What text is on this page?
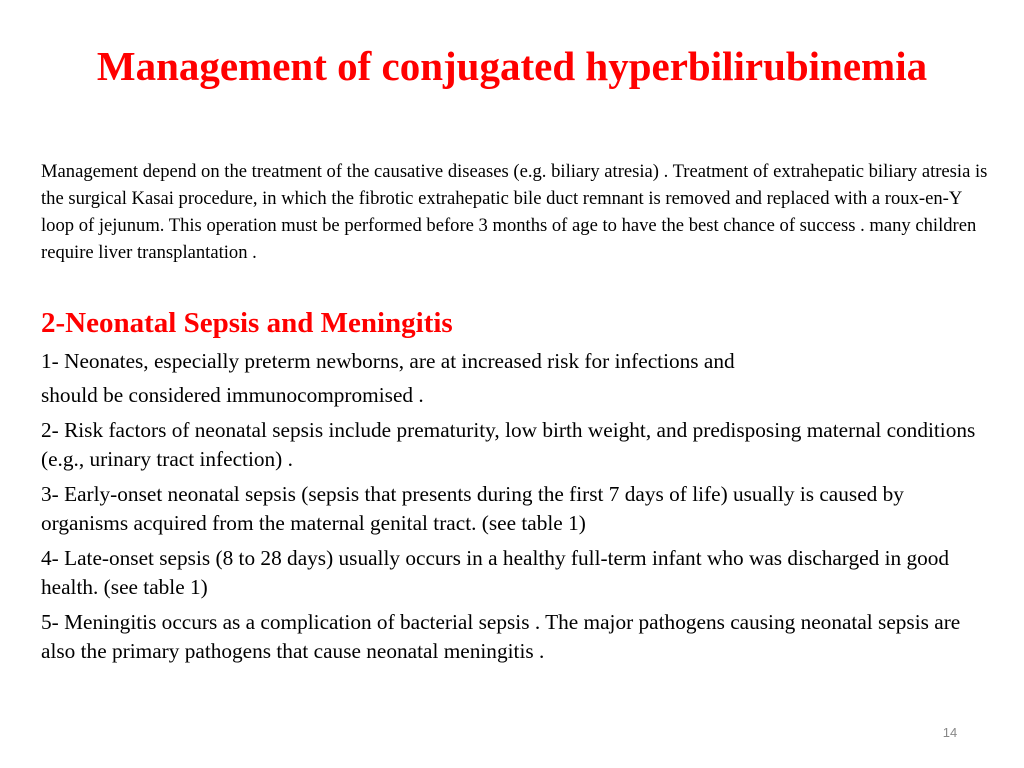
Management of conjugated hyperbilirubinemia

Management depend on the treatment of the causative diseases (e.g. biliary atresia) . Treatment of extrahepatic biliary atresia is the surgical Kasai procedure, in which the fibrotic extrahepatic bile duct remnant is removed and replaced with a roux-en-Y loop of jejunum. This operation must be performed before 3 months of age to have the best chance of success . many children require liver transplantation .

2-Neonatal Sepsis and Meningitis
1- Neonates, especially preterm newborns, are at increased risk for infections and
should be considered immunocompromised .
2- Risk factors of neonatal sepsis include prematurity, low birth weight, and predisposing maternal conditions (e.g., urinary tract infection) .
3- Early-onset neonatal sepsis (sepsis that presents during the first 7 days of life) usually is caused by organisms acquired from the maternal genital tract. (see table 1)
4- Late-onset sepsis (8 to 28 days) usually occurs in a healthy full-term infant who was discharged in good health. (see table 1)
5- Meningitis occurs as a complication of bacterial sepsis . The major pathogens causing neonatal sepsis are also the primary pathogens that cause neonatal meningitis .
14
